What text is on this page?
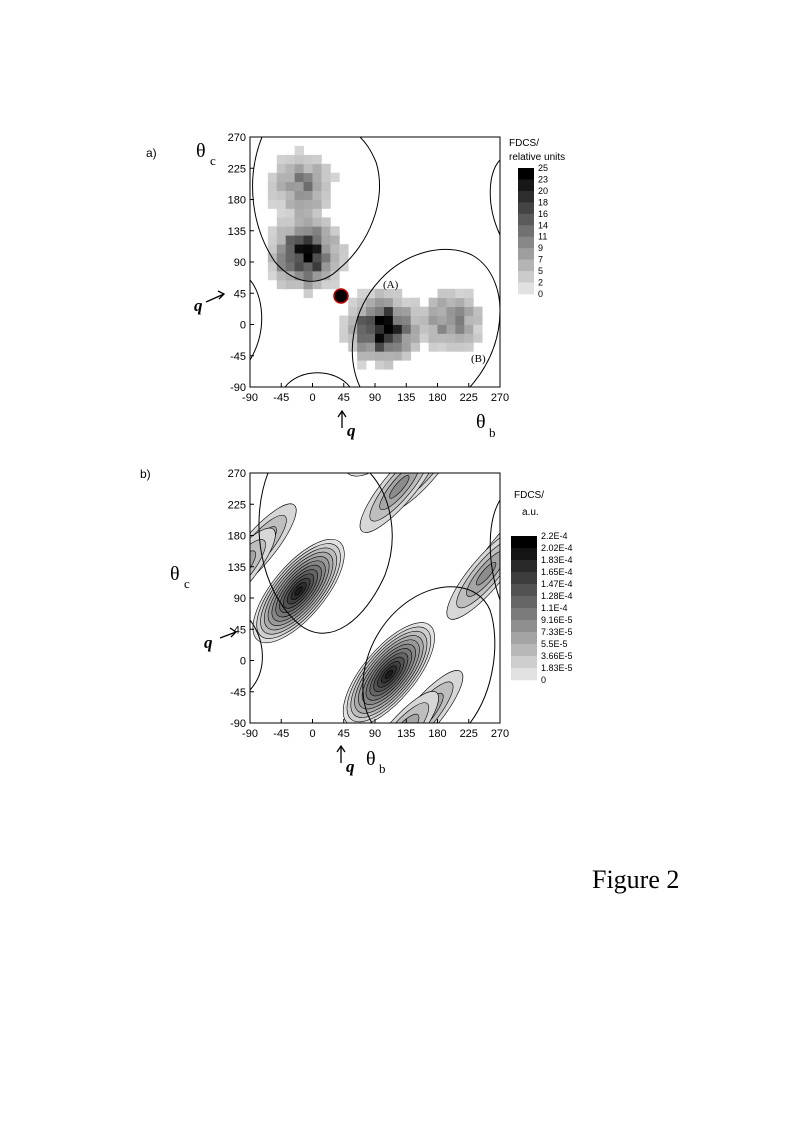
a)
(A)
(B)
-90 -45 0 45 90 135 180 225 270
270
225
180
135
90
45
0
-45
-90
θ c
θ b
q
q
FDCS/
relative units
25
23
20
18
16
14
11
9
7
5
2
0
b)
-90 -45 0 45 90 135 180 225 270
270
225
180
135
90
45
0
-45
-90
θ c
θ b
q
q
FDCS/
a.u.
2.2E-4
2.02E-4
1.83E-4
1.65E-4
1.47E-4
1.28E-4
1.1E-4
9.16E-5
7.33E-5
5.5E-5
3.66E-5
1.83E-5
0
Figure 2
